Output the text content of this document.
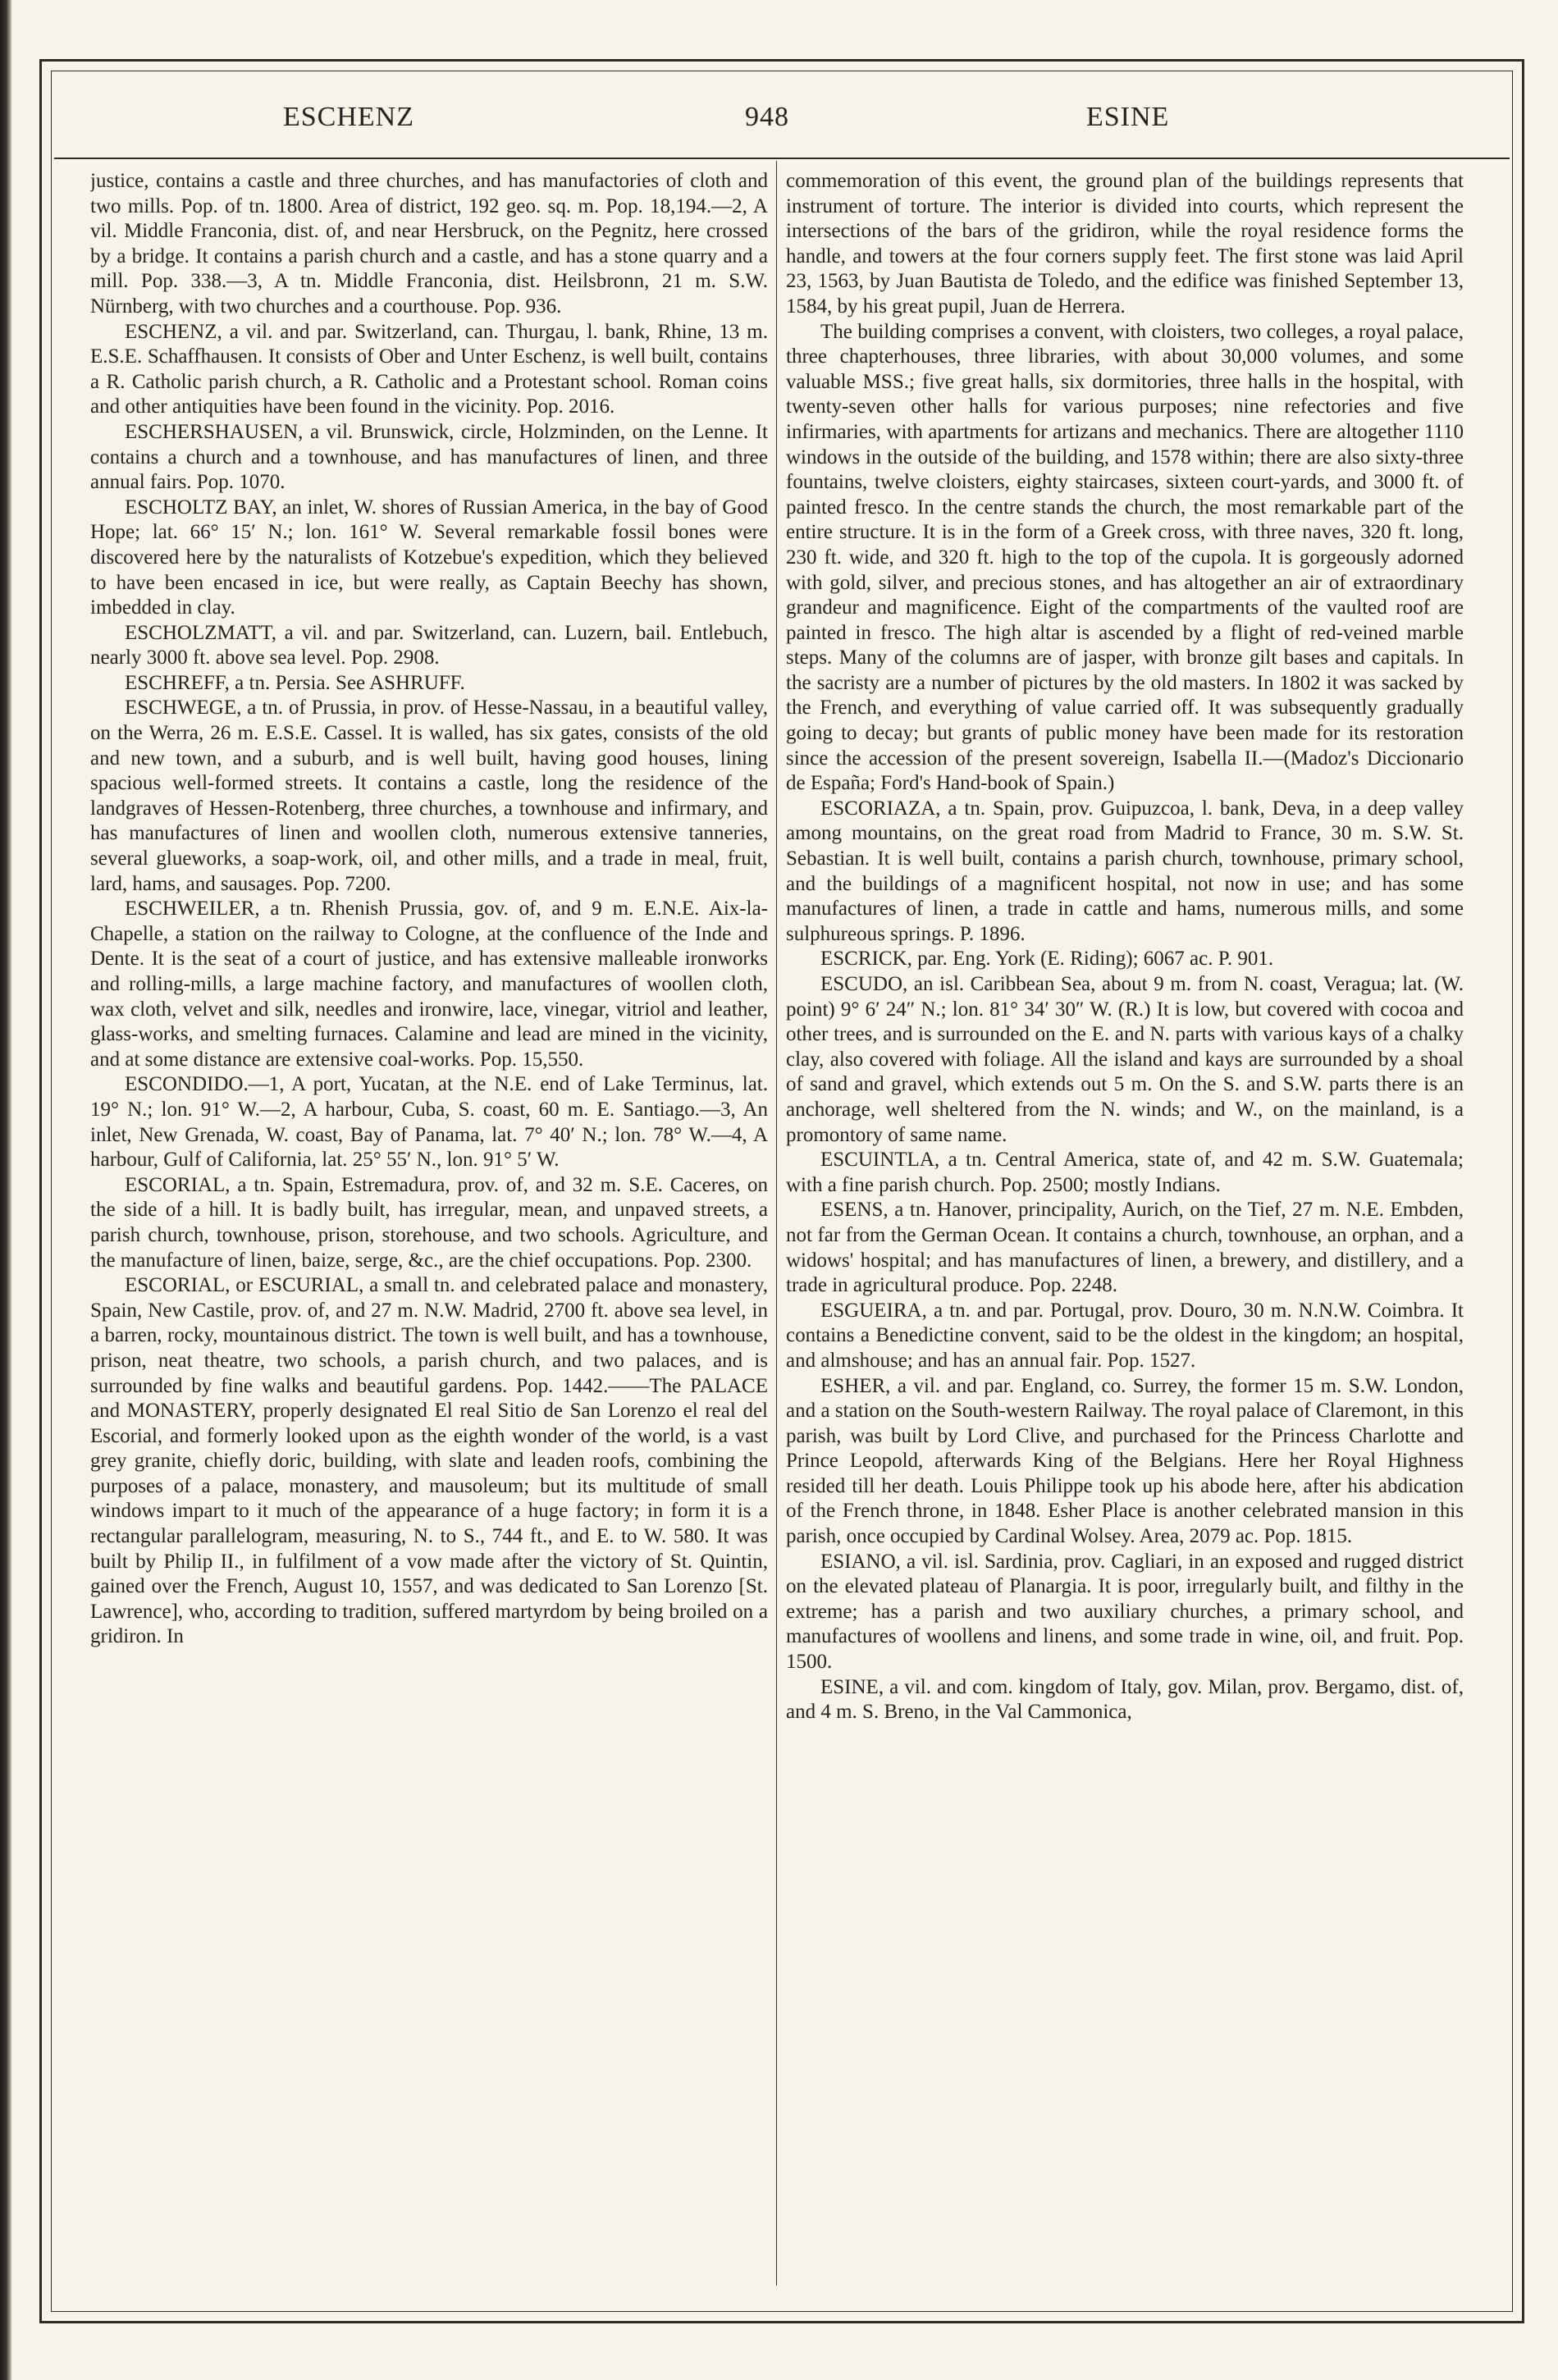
ESCHENZ	948	ESINE

justice, contains a castle and three churches, and has manufactories of cloth and two mills. Pop. of tn. 1800. Area of district, 192 geo. sq. m. Pop. 18,194.—2, A vil. Middle Franconia, dist. of, and near Hersbruck, on the Pegnitz, here crossed by a bridge. It contains a parish church and a castle, and has a stone quarry and a mill. Pop. 338.—3, A tn. Middle Franconia, dist. Heilsbronn, 21 m. S.W. Nürnberg, with two churches and a courthouse. Pop. 936.

ESCHENZ, a vil. and par. Switzerland, can. Thurgau, l. bank, Rhine, 13 m. E.S.E. Schaffhausen. It consists of Ober and Unter Eschenz, is well built, contains a R. Catholic parish church, a R. Catholic and a Protestant school. Roman coins and other antiquities have been found in the vicinity. Pop. 2016.

ESCHERSHAUSEN, a vil. Brunswick, circle, Holzminden, on the Lenne. It contains a church and a townhouse, and has manufactures of linen, and three annual fairs. Pop. 1070.

ESCHOLTZ BAY, an inlet, W. shores of Russian America, in the bay of Good Hope; lat. 66° 15′ N.; lon. 161° W. Several remarkable fossil bones were discovered here by the naturalists of Kotzebue's expedition, which they believed to have been encased in ice, but were really, as Captain Beechy has shown, imbedded in clay.

ESCHOLZMATT, a vil. and par. Switzerland, can. Luzern, bail. Entlebuch, nearly 3000 ft. above sea level. Pop. 2908.

ESCHREFF, a tn. Persia. See ASHRUFF.

ESCHWEGE, a tn. of Prussia, in prov. of Hesse-Nassau, in a beautiful valley, on the Werra, 26 m. E.S.E. Cassel. It is walled, has six gates, consists of the old and new town, and a suburb, and is well built, having good houses, lining spacious well-formed streets. It contains a castle, long the residence of the landgraves of Hessen-Rotenberg, three churches, a townhouse and infirmary, and has manufactures of linen and woollen cloth, numerous extensive tanneries, several glueworks, a soap-work, oil, and other mills, and a trade in meal, fruit, lard, hams, and sausages. Pop. 7200.

ESCHWEILER, a tn. Rhenish Prussia, gov. of, and 9 m. E.N.E. Aix-la-Chapelle, a station on the railway to Cologne, at the confluence of the Inde and Dente. It is the seat of a court of justice, and has extensive malleable ironworks and rolling-mills, a large machine factory, and manufactures of woollen cloth, wax cloth, velvet and silk, needles and ironwire, lace, vinegar, vitriol and leather, glass-works, and smelting furnaces. Calamine and lead are mined in the vicinity, and at some distance are extensive coal-works. Pop. 15,550.

ESCONDIDO.—1, A port, Yucatan, at the N.E. end of Lake Terminus, lat. 19° N.; lon. 91° W.—2, A harbour, Cuba, S. coast, 60 m. E. Santiago.—3, An inlet, New Grenada, W. coast, Bay of Panama, lat. 7° 40′ N.; lon. 78° W.—4, A harbour, Gulf of California, lat. 25° 55′ N., lon. 91° 5′ W.

ESCORIAL, a tn. Spain, Estremadura, prov. of, and 32 m. S.E. Caceres, on the side of a hill. It is badly built, has irregular, mean, and unpaved streets, a parish church, townhouse, prison, storehouse, and two schools. Agriculture, and the manufacture of linen, baize, serge, &c., are the chief occupations. Pop. 2300.

ESCORIAL, or ESCURIAL, a small tn. and celebrated palace and monastery, Spain, New Castile, prov. of, and 27 m. N.W. Madrid, 2700 ft. above sea level, in a barren, rocky, mountainous district. The town is well built, and has a townhouse, prison, neat theatre, two schools, a parish church, and two palaces, and is surrounded by fine walks and beautiful gardens. Pop. 1442.——The PALACE and MONASTERY, properly designated El real Sitio de San Lorenzo el real del Escorial, and formerly looked upon as the eighth wonder of the world, is a vast grey granite, chiefly doric, building, with slate and leaden roofs, combining the purposes of a palace, monastery, and mausoleum; but its multitude of small windows impart to it much of the appearance of a huge factory; in form it is a rectangular parallelogram, measuring, N. to S., 744 ft., and E. to W. 580. It was built by Philip II., in fulfilment of a vow made after the victory of St. Quintin, gained over the French, August 10, 1557, and was dedicated to San Lorenzo [St. Lawrence], who, according to tradition, suffered martyrdom by being broiled on a gridiron. In

commemoration of this event, the ground plan of the buildings represents that instrument of torture. The interior is divided into courts, which represent the intersections of the bars of the gridiron, while the royal residence forms the handle, and towers at the four corners supply feet. The first stone was laid April 23, 1563, by Juan Bautista de Toledo, and the edifice was finished September 13, 1584, by his great pupil, Juan de Herrera.

The building comprises a convent, with cloisters, two colleges, a royal palace, three chapterhouses, three libraries, with about 30,000 volumes, and some valuable MSS.; five great halls, six dormitories, three halls in the hospital, with twenty-seven other halls for various purposes; nine refectories and five infirmaries, with apartments for artizans and mechanics. There are altogether 1110 windows in the outside of the building, and 1578 within; there are also sixty-three fountains, twelve cloisters, eighty staircases, sixteen court-yards, and 3000 ft. of painted fresco. In the centre stands the church, the most remarkable part of the entire structure. It is in the form of a Greek cross, with three naves, 320 ft. long, 230 ft. wide, and 320 ft. high to the top of the cupola. It is gorgeously adorned with gold, silver, and precious stones, and has altogether an air of extraordinary grandeur and magnificence. Eight of the compartments of the vaulted roof are painted in fresco. The high altar is ascended by a flight of red-veined marble steps. Many of the columns are of jasper, with bronze gilt bases and capitals. In the sacristy are a number of pictures by the old masters. In 1802 it was sacked by the French, and everything of value carried off. It was subsequently gradually going to decay; but grants of public money have been made for its restoration since the accession of the present sovereign, Isabella II.—(Madoz's Diccionario de España; Ford's Hand-book of Spain.)

ESCORIAZA, a tn. Spain, prov. Guipuzcoa, l. bank, Deva, in a deep valley among mountains, on the great road from Madrid to France, 30 m. S.W. St. Sebastian. It is well built, contains a parish church, townhouse, primary school, and the buildings of a magnificent hospital, not now in use; and has some manufactures of linen, a trade in cattle and hams, numerous mills, and some sulphureous springs. P. 1896.

ESCRICK, par. Eng. York (E. Riding); 6067 ac. P. 901.

ESCUDO, an isl. Caribbean Sea, about 9 m. from N. coast, Veragua; lat. (W. point) 9° 6′ 24″ N.; lon. 81° 34′ 30″ W. (R.) It is low, but covered with cocoa and other trees, and is surrounded on the E. and N. parts with various kays of a chalky clay, also covered with foliage. All the island and kays are surrounded by a shoal of sand and gravel, which extends out 5 m. On the S. and S.W. parts there is an anchorage, well sheltered from the N. winds; and W., on the mainland, is a promontory of same name.

ESCUINTLA, a tn. Central America, state of, and 42 m. S.W. Guatemala; with a fine parish church. Pop. 2500; mostly Indians.

ESENS, a tn. Hanover, principality, Aurich, on the Tief, 27 m. N.E. Embden, not far from the German Ocean. It contains a church, townhouse, an orphan, and a widows' hospital; and has manufactures of linen, a brewery, and distillery, and a trade in agricultural produce. Pop. 2248.

ESGUEIRA, a tn. and par. Portugal, prov. Douro, 30 m. N.N.W. Coimbra. It contains a Benedictine convent, said to be the oldest in the kingdom; an hospital, and almshouse; and has an annual fair. Pop. 1527.

ESHER, a vil. and par. England, co. Surrey, the former 15 m. S.W. London, and a station on the South-western Railway. The royal palace of Claremont, in this parish, was built by Lord Clive, and purchased for the Princess Charlotte and Prince Leopold, afterwards King of the Belgians. Here her Royal Highness resided till her death. Louis Philippe took up his abode here, after his abdication of the French throne, in 1848. Esher Place is another celebrated mansion in this parish, once occupied by Cardinal Wolsey. Area, 2079 ac. Pop. 1815.

ESIANO, a vil. isl. Sardinia, prov. Cagliari, in an exposed and rugged district on the elevated plateau of Planargia. It is poor, irregularly built, and filthy in the extreme; has a parish and two auxiliary churches, a primary school, and manufactures of woollens and linens, and some trade in wine, oil, and fruit. Pop. 1500.

ESINE, a vil. and com. kingdom of Italy, gov. Milan, prov. Bergamo, dist. of, and 4 m. S. Breno, in the Val Cammonica,
